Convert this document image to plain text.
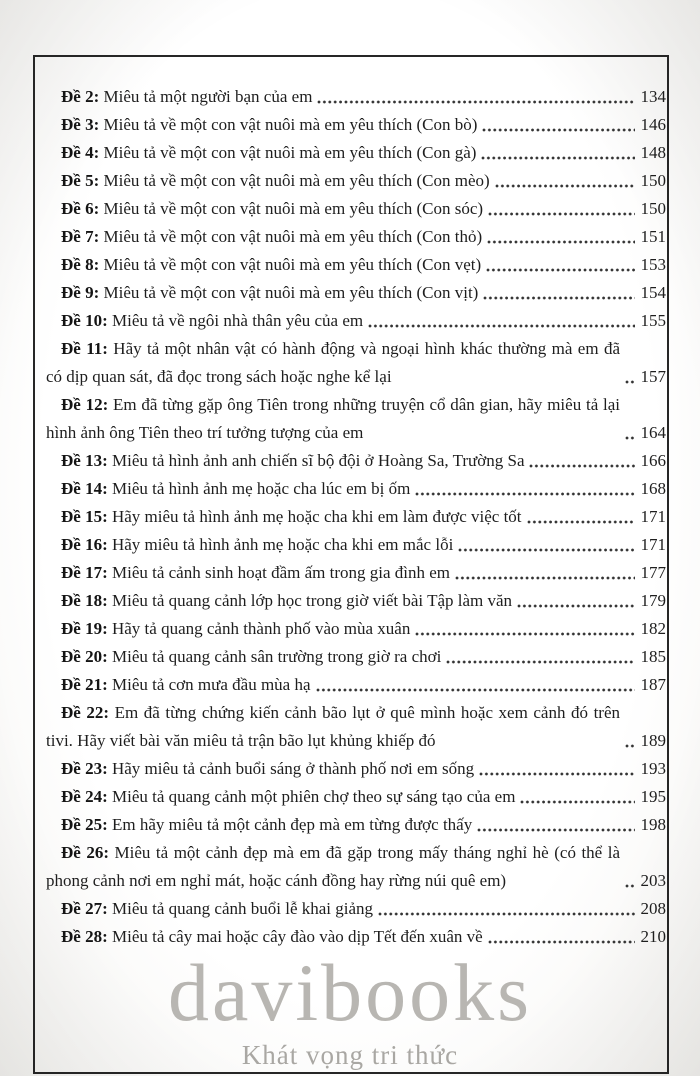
Đề 2: Miêu tả một người bạn của em	134
Đề 3: Miêu tả về một con vật nuôi mà em yêu thích (Con bò)	146
Đề 4: Miêu tả về một con vật nuôi mà em yêu thích (Con gà)	148
Đề 5: Miêu tả về một con vật nuôi mà em yêu thích (Con mèo)	150
Đề 6: Miêu tả về một con vật nuôi mà em yêu thích (Con sóc)	150
Đề 7: Miêu tả về một con vật nuôi mà em yêu thích (Con thỏ)	151
Đề 8: Miêu tả về một con vật nuôi mà em yêu thích (Con vẹt)	153
Đề 9: Miêu tả về một con vật nuôi mà em yêu thích (Con vịt)	154
Đề 10: Miêu tả về ngôi nhà thân yêu của em	155
Đề 11: Hãy tả một nhân vật có hành động và ngoại hình khác thường mà em đã có dịp quan sát, đã đọc trong sách hoặc nghe kể lại	157
Đề 12: Em đã từng gặp ông Tiên trong những truyện cổ dân gian, hãy miêu tả lại hình ảnh ông Tiên theo trí tưởng tượng của em	164
Đề 13: Miêu tả hình ảnh anh chiến sĩ bộ đội ở Hoàng Sa, Trường Sa	166
Đề 14: Miêu tả hình ảnh mẹ hoặc cha lúc em bị ốm	168
Đề 15: Hãy miêu tả hình ảnh mẹ hoặc cha khi em làm được việc tốt	171
Đề 16: Hãy miêu tả hình ảnh mẹ hoặc cha khi em mắc lỗi	171
Đề 17: Miêu tả cảnh sinh hoạt đầm ấm trong gia đình em	177
Đề 18: Miêu tả quang cảnh lớp học trong giờ viết bài Tập làm văn	179
Đề 19: Hãy tả quang cảnh thành phố vào mùa xuân	182
Đề 20: Miêu tả quang cảnh sân trường trong giờ ra chơi	185
Đề 21: Miêu tả cơn mưa đầu mùa hạ	187
Đề 22: Em đã từng chứng kiến cảnh bão lụt ở quê mình hoặc xem cảnh đó trên tivi. Hãy viết bài văn miêu tả trận bão lụt khủng khiếp đó	189
Đề 23: Hãy miêu tả cảnh buổi sáng ở thành phố nơi em sống	193
Đề 24: Miêu tả quang cảnh một phiên chợ theo sự sáng tạo của em	195
Đề 25: Em hãy miêu tả một cảnh đẹp mà em từng được thấy	198
Đề 26: Miêu tả một cảnh đẹp mà em đã gặp trong mấy tháng nghỉ hè (có thể là phong cảnh nơi em nghỉ mát, hoặc cánh đồng hay rừng núi quê em)	203
Đề 27: Miêu tả quang cảnh buổi lễ khai giảng	208
Đề 28: Miêu tả cây mai hoặc cây đào vào dịp Tết đến xuân về	210
davibooks
Khát vọng tri thức
